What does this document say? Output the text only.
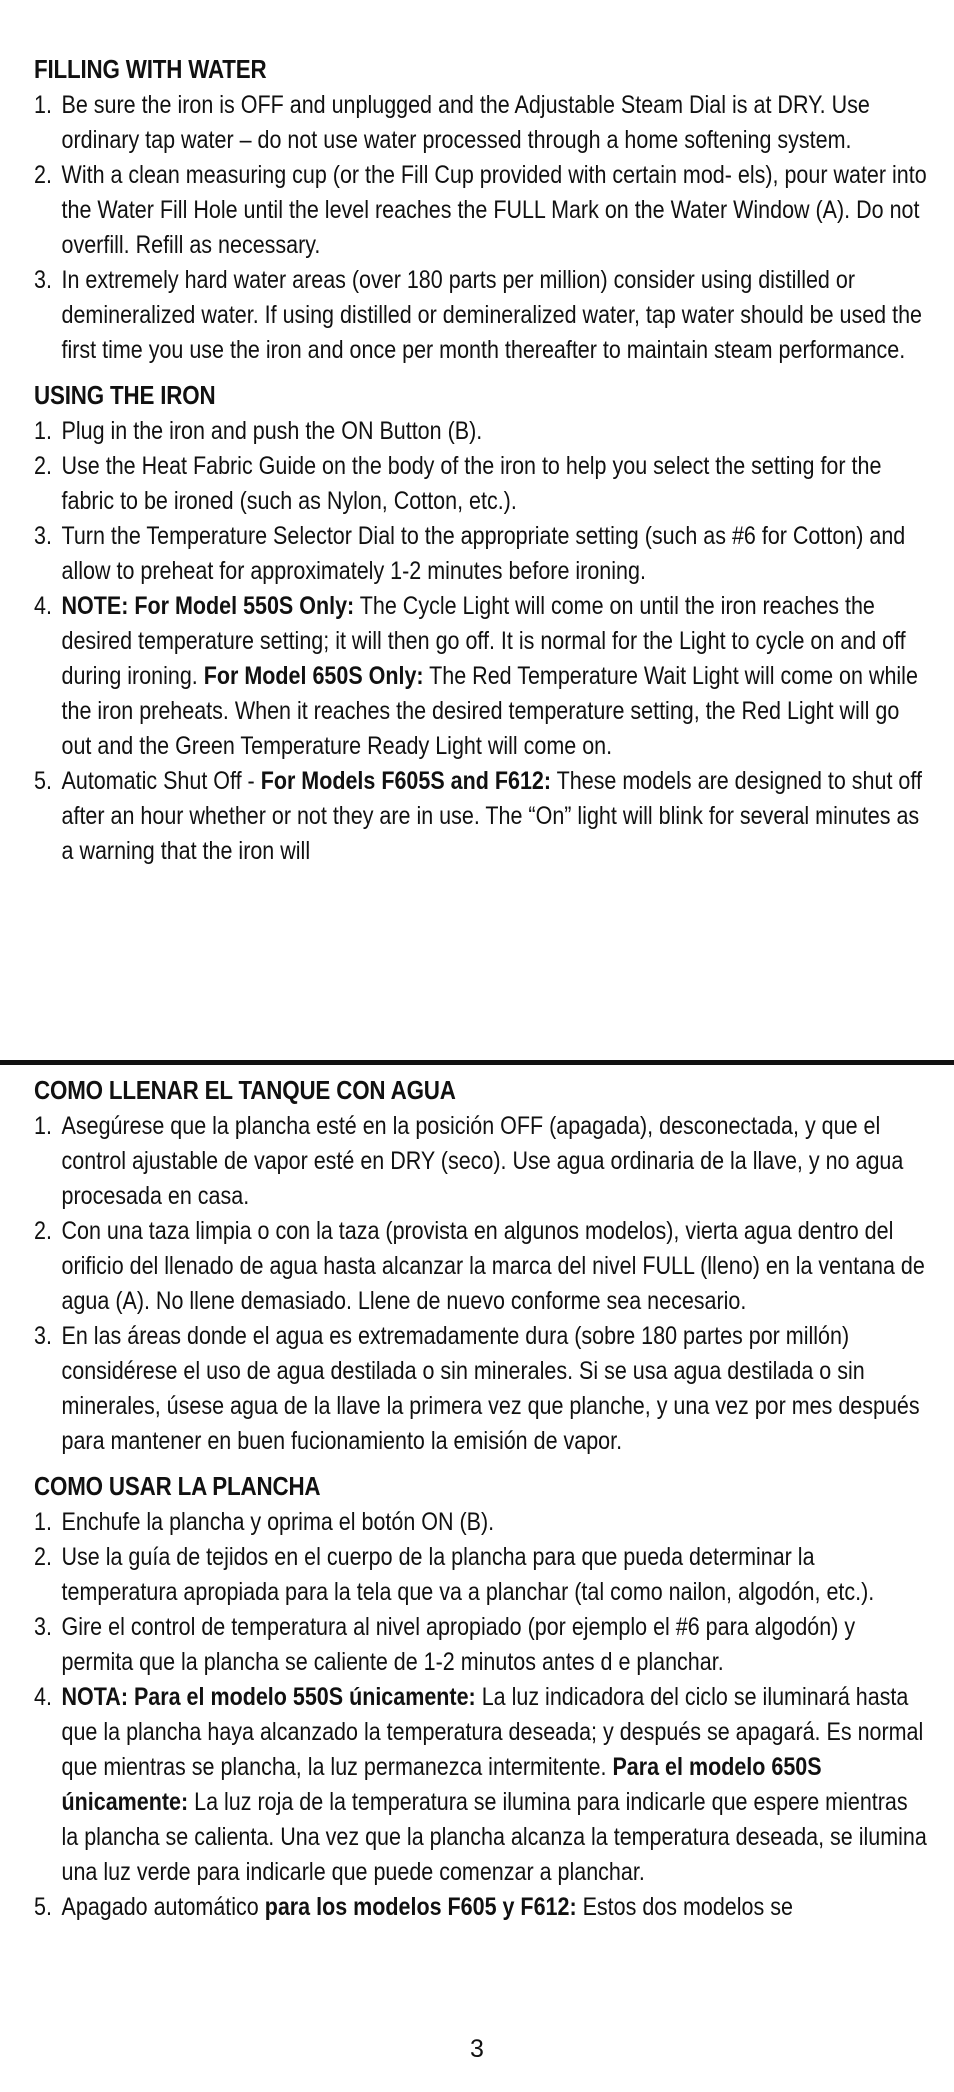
FILLING WITH WATER
1. Be sure the iron is OFF and unplugged and the Adjustable Steam Dial is at DRY. Use ordinary tap water – do not use water processed through a home softening system.
2. With a clean measuring cup (or the Fill Cup provided with certain mod- els), pour water into the Water Fill Hole until the level reaches the FULL Mark on the Water Window (A). Do not overfill. Refill as necessary.
3. In extremely hard water areas (over 180 parts per million) consider using distilled or demineralized water. If using distilled or demineralized water, tap water should be used the first time you use the iron and once per month thereafter to maintain steam performance.
USING THE IRON
1. Plug in the iron and push the ON Button (B).
2. Use the Heat Fabric Guide on the body of the iron to help you select the setting for the fabric to be ironed (such as Nylon, Cotton, etc.).
3. Turn the Temperature Selector Dial to the appropriate setting (such as #6 for Cotton) and allow to preheat for approximately 1-2 minutes before ironing.
4. NOTE: For Model 550S Only: The Cycle Light will come on until the iron reaches the desired temperature setting; it will then go off. It is normal for the Light to cycle on and off during ironing. For Model 650S Only: The Red Temperature Wait Light will come on while the iron preheats. When it reaches the desired temperature setting, the Red Light will go out and the Green Temperature Ready Light will come on.
5. Automatic Shut Off - For Models F605S and F612: These models are designed to shut off after an hour whether or not they are in use. The “On” light will blink for several minutes as a warning that the iron will
COMO LLENAR EL TANQUE CON AGUA
1. Asegúrese que la plancha esté en la posición OFF (apagada), desconectada, y que el control ajustable de vapor esté en DRY (seco). Use agua ordinaria de la llave, y no agua procesada en casa.
2. Con una taza limpia o con la taza (provista en algunos modelos), vierta agua dentro del orificio del llenado de agua hasta alcanzar la marca del nivel FULL (lleno) en la ventana de agua (A). No llene demasiado. Llene de nuevo conforme sea necesario.
3. En las áreas donde el agua es extremadamente dura (sobre 180 partes por millón) considérese el uso de agua destilada o sin minerales. Si se usa agua destilada o sin minerales, úsese agua de la llave la primera vez que planche, y una vez por mes después para mantener en buen fucionamiento la emisión de vapor.
COMO USAR LA PLANCHA
1. Enchufe la plancha y oprima el botón ON (B).
2. Use la guía de tejidos en el cuerpo de la plancha para que pueda determinar la temperatura apropiada para la tela que va a planchar (tal como nailon, algodón, etc.).
3. Gire el control de temperatura al nivel apropiado (por ejemplo el #6 para algodón) y permita que la plancha se caliente de 1-2 minutos antes d e planchar.
4. NOTA: Para el modelo 550S únicamente: La luz indicadora del ciclo se iluminará hasta que la plancha haya alcanzado la temperatura deseada; y después se apagará. Es normal que mientras se plancha, la luz permanezca intermitente. Para el modelo 650S únicamente: La luz roja de la temperatura se ilumina para indicarle que espere mientras la plancha se calienta. Una vez que la plancha alcanza la temperatura deseada, se ilumina una luz verde para indicarle que puede comenzar a planchar.
5. Apagado automático para los modelos F605 y F612: Estos dos modelos se
3
